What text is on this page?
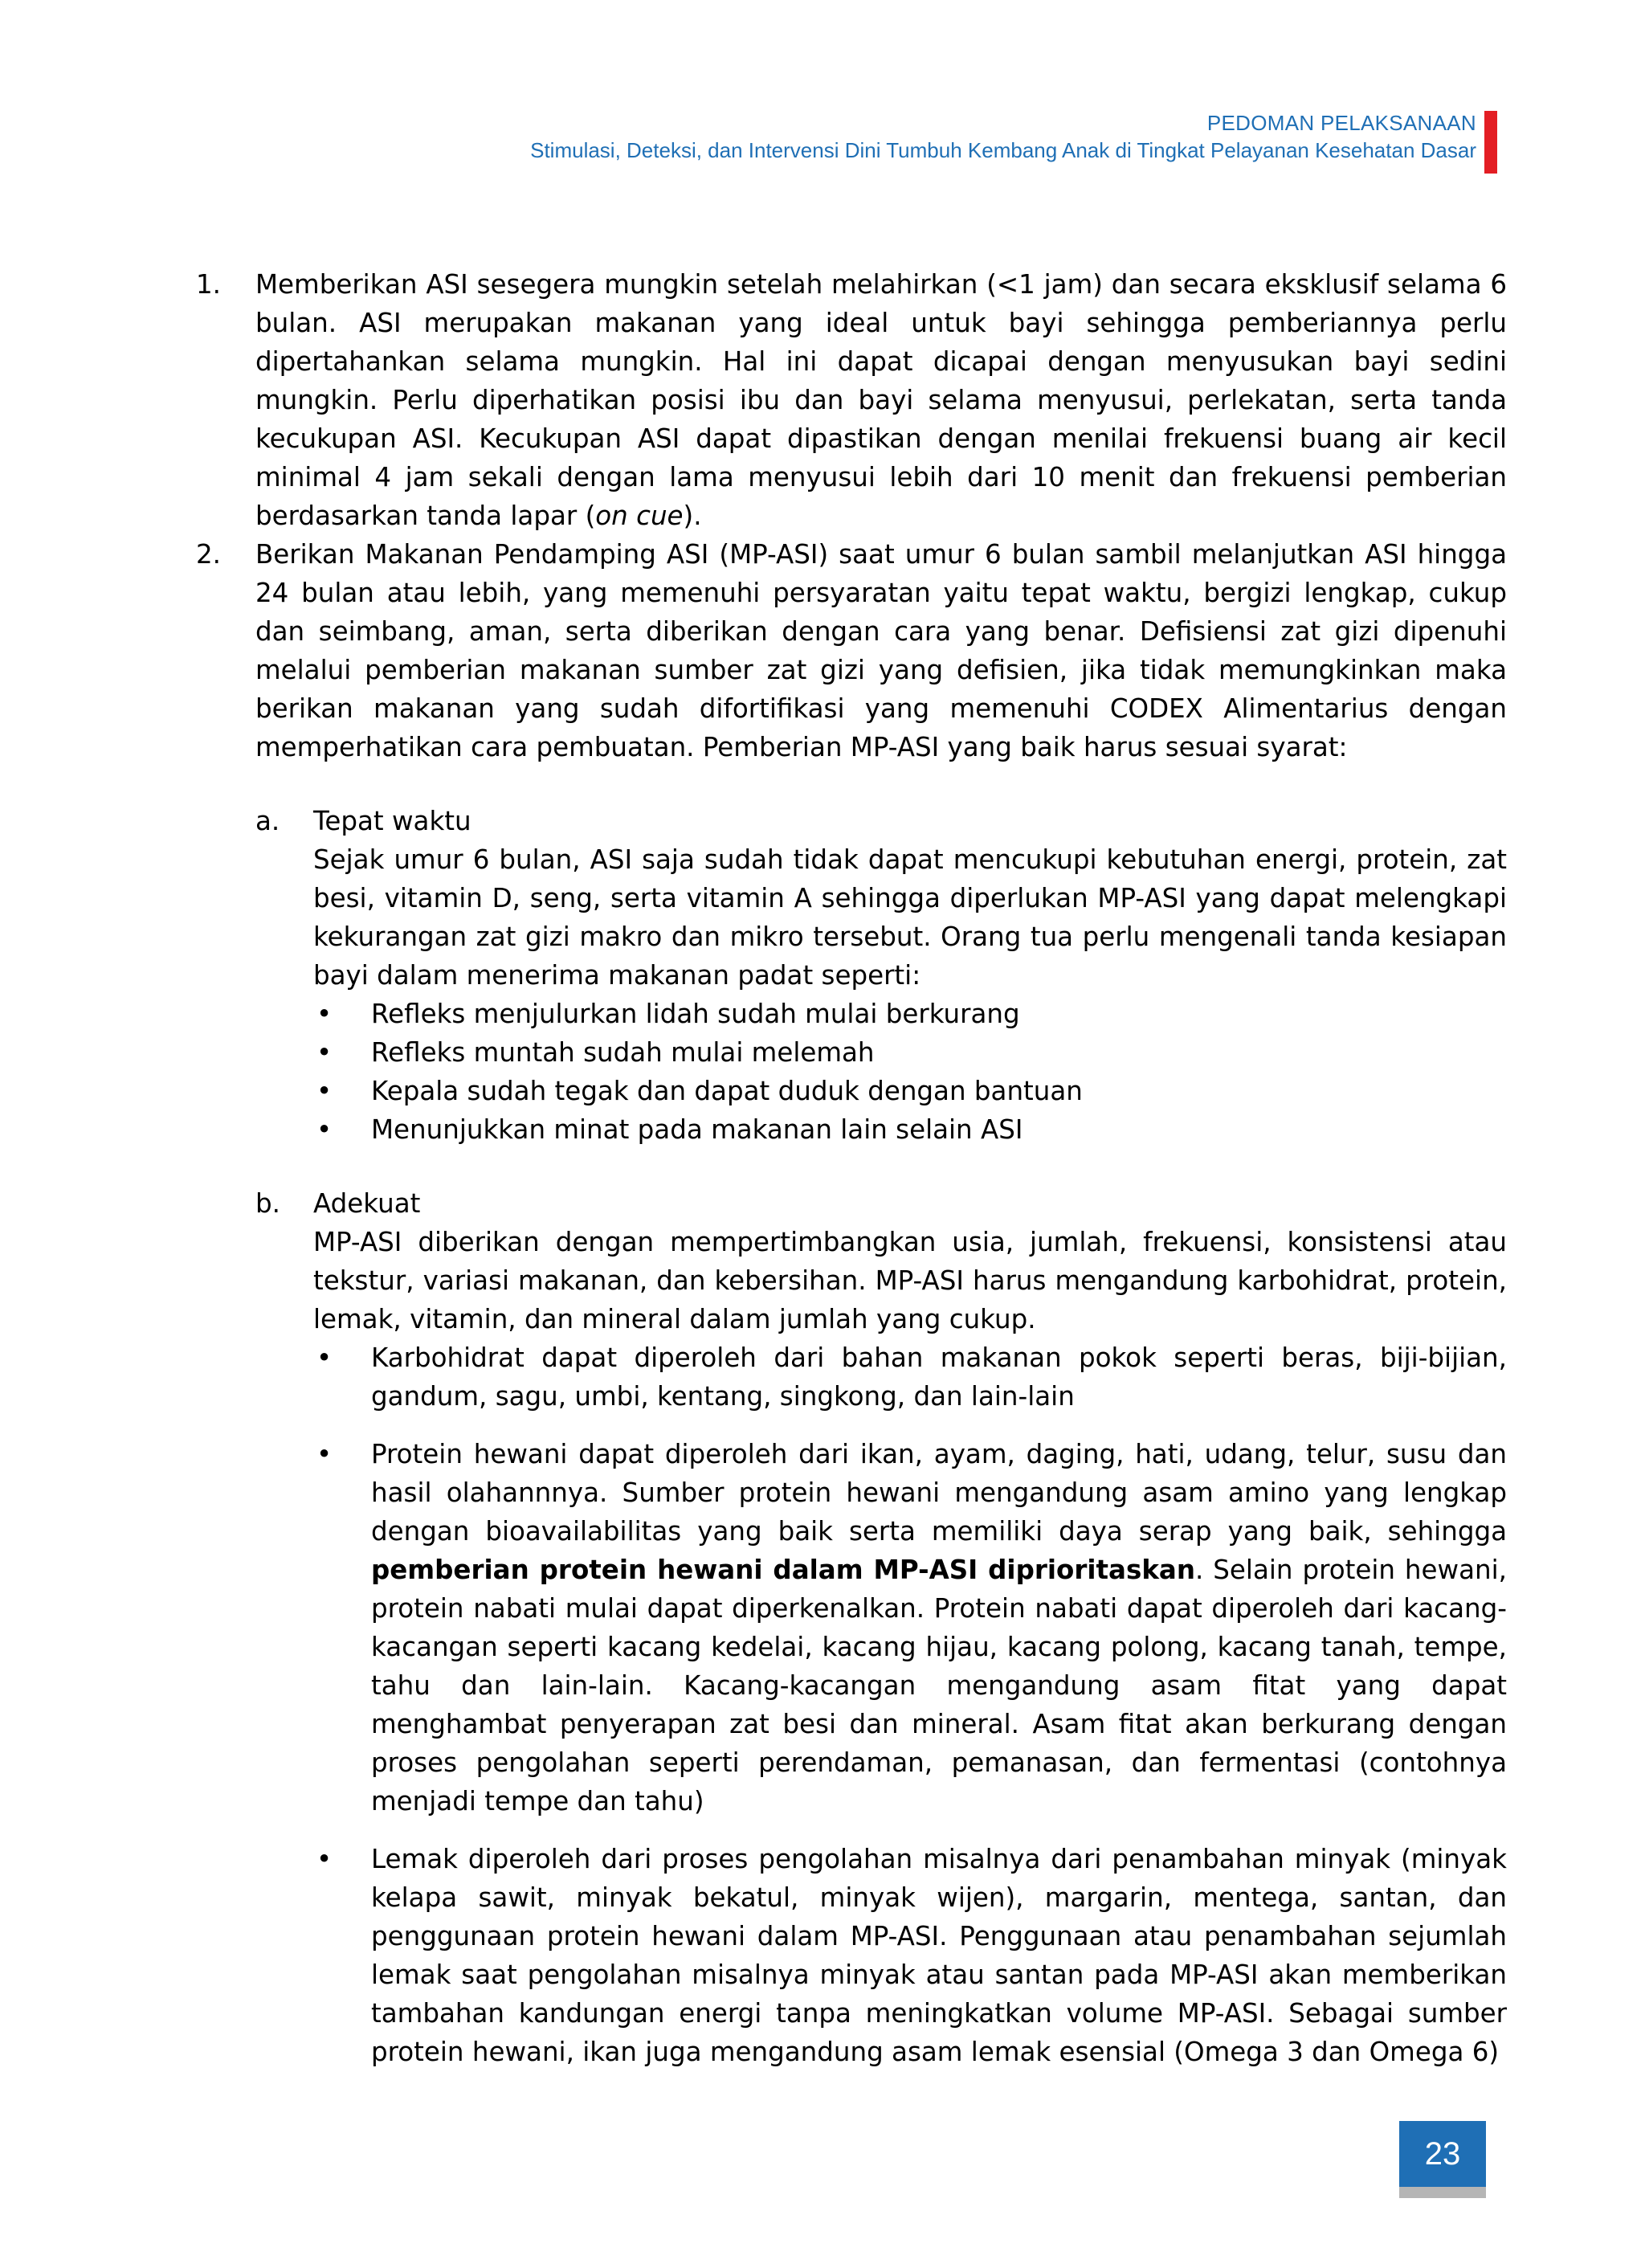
PEDOMAN PELAKSANAAN
Stimulasi, Deteksi, dan Intervensi Dini Tumbuh Kembang Anak di Tingkat Pelayanan Kesehatan Dasar
1. Memberikan ASI sesegera mungkin setelah melahirkan (<1 jam) dan secara eksklusif selama 6 bulan. ASI merupakan makanan yang ideal untuk bayi sehingga pemberiannya perlu dipertahankan selama mungkin. Hal ini dapat dicapai dengan menyusukan bayi sedini mungkin. Perlu diperhatikan posisi ibu dan bayi selama menyusui, perlekatan, serta tanda kecukupan ASI. Kecukupan ASI dapat dipastikan dengan menilai frekuensi buang air kecil minimal 4 jam sekali dengan lama menyusui lebih dari 10 menit dan frekuensi pemberian berdasarkan tanda lapar (on cue).

2. Berikan Makanan Pendamping ASI (MP-ASI) saat umur 6 bulan sambil melanjutkan ASI hingga 24 bulan atau lebih, yang memenuhi persyaratan yaitu tepat waktu, bergizi lengkap, cukup dan seimbang, aman, serta diberikan dengan cara yang benar. Defisiensi zat gizi dipenuhi melalui pemberian makanan sumber zat gizi yang defisien, jika tidak memungkinkan maka berikan makanan yang sudah difortifikasi yang memenuhi CODEX Alimentarius dengan memperhatikan cara pembuatan. Pemberian MP-ASI yang baik harus sesuai syarat:

a. Tepat waktu

Sejak umur 6 bulan, ASI saja sudah tidak dapat mencukupi kebutuhan energi, protein, zat besi, vitamin D, seng, serta vitamin A sehingga diperlukan MP-ASI yang dapat melengkapi kekurangan zat gizi makro dan mikro tersebut. Orang tua perlu mengenali tanda kesiapan bayi dalam menerima makanan padat seperti:

• Refleks menjulurkan lidah sudah mulai berkurang
• Refleks muntah sudah mulai melemah
• Kepala sudah tegak dan dapat duduk dengan bantuan
• Menunjukkan minat pada makanan lain selain ASI
b. Adekuat

MP-ASI diberikan dengan mempertimbangkan usia, jumlah, frekuensi, konsistensi atau tekstur, variasi makanan, dan kebersihan. MP-ASI harus mengandung karbohidrat, protein, lemak, vitamin, dan mineral dalam jumlah yang cukup.

• Karbohidrat dapat diperoleh dari bahan makanan pokok seperti beras, biji-bijian, gandum, sagu, umbi, kentang, singkong, dan lain-lain
• Protein hewani dapat diperoleh dari ikan, ayam, daging, hati, udang, telur, susu dan hasil olahannnya. Sumber protein hewani mengandung asam amino yang lengkap dengan bioavailabilitas yang baik serta memiliki daya serap yang baik, sehingga pemberian protein hewani dalam MP-ASI diprioritaskan. Selain protein hewani, protein nabati mulai dapat diperkenalkan. Protein nabati dapat diperoleh dari kacang-kacangan seperti kacang kedelai, kacang hijau, kacang polong, kacang tanah, tempe, tahu dan lain-lain. Kacang-kacangan mengandung asam fitat yang dapat menghambat penyerapan zat besi dan mineral. Asam fitat akan berkurang dengan proses pengolahan seperti perendaman, pemanasan, dan fermentasi (contohnya menjadi tempe dan tahu)
• Lemak diperoleh dari proses pengolahan misalnya dari penambahan minyak (minyak kelapa sawit, minyak bekatul, minyak wijen), margarin, mentega, santan, dan penggunaan protein hewani dalam MP-ASI. Penggunaan atau penambahan sejumlah lemak saat pengolahan misalnya minyak atau santan pada MP-ASI akan memberikan tambahan kandungan energi tanpa meningkatkan volume MP-ASI. Sebagai sumber protein hewani, ikan juga mengandung asam lemak esensial (Omega 3 dan Omega 6)
23
